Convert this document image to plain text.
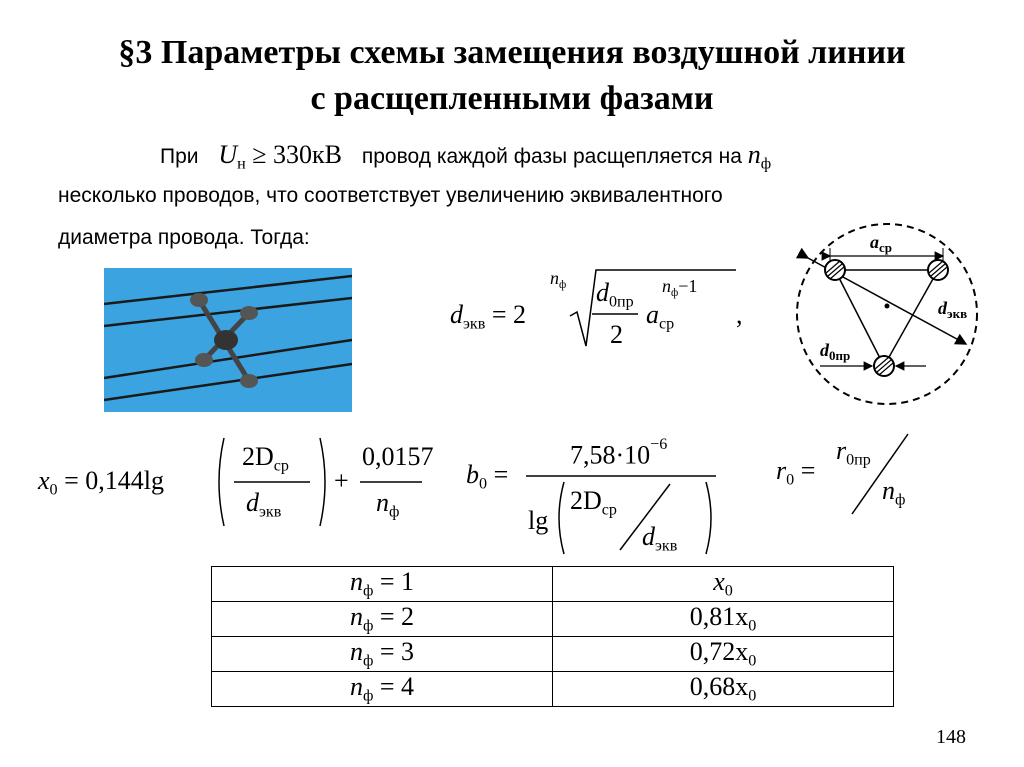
§3 Параметры схемы замещения воздушной линии
с расщепленными фазами
При $U_н \ge 330кВ$ провод каждой фазы расщепляется на $n_ф$
несколько проводов, что соответствует увеличению эквивалентного
диаметра провода. Тогда:
$d_{экв} = 2$
$n_ф$ $d_{0пр}$
2
$a_{ср}$
$n_ф-1$
,
$a_{ср}$
$d_{экв}$
$d_{0пр}$
$x_0 = 0,144\lg$
$2D_{ср}$
$d_{экв}$
+
0,0157
$n_ф$
$b_0$ =
$7,58\cdot 10^{-6}$
lg
$2D_{ср}$
$d_{экв}$
$r_0$ =
$r_{0пр}$
$n_ф$
$n_ф = 1$	$x_0$
$n_ф = 2$	$0,81x_0$
$n_ф = 3$	$0,72x_0$
$n_ф = 4$	$0,68x_0$
148
